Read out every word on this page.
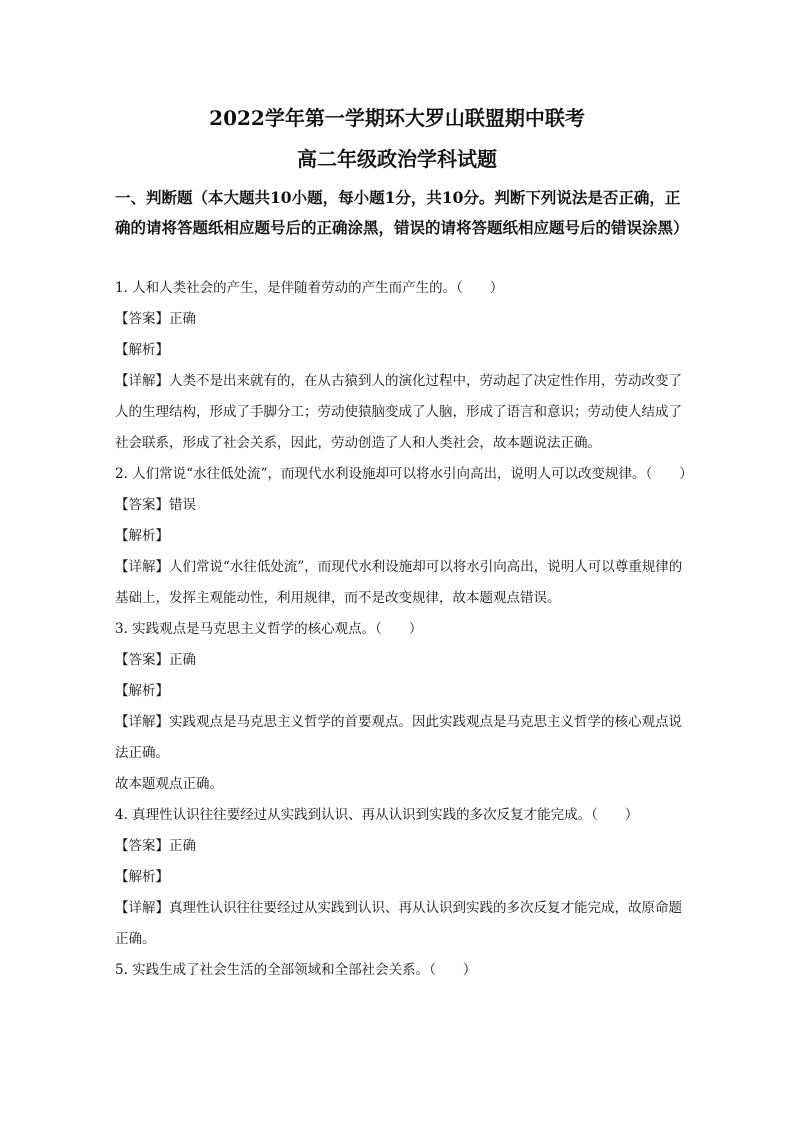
2022学年第一学期环大罗山联盟期中联考
高二年级政治学科试题
一、判断题（本大题共10小题，每小题1分，共10分。判断下列说法是否正确，正确的请将答题纸相应题号后的正确涂黑，错误的请将答题纸相应题号后的错误涂黑）
1. 人和人类社会的产生，是伴随着劳动的产生而产生的。（　　）
【答案】正确
【解析】
【详解】人类不是出来就有的，在从古猿到人的演化过程中，劳动起了决定性作用，劳动改变了人的生理结构，形成了手脚分工；劳动使猿脑变成了人脑，形成了语言和意识；劳动使人结成了社会联系，形成了社会关系，因此，劳动创造了人和人类社会，故本题说法正确。
2. 人们常说“水往低处流”，而现代水利设施却可以将水引向高出，说明人可以改变规律。（　　）
【答案】错误
【解析】
【详解】人们常说“水往低处流”，而现代水利设施却可以将水引向高出，说明人可以尊重规律的基础上，发挥主观能动性，利用规律，而不是改变规律，故本题观点错误。
3. 实践观点是马克思主义哲学的核心观点。（　　）
【答案】正确
【解析】
【详解】实践观点是马克思主义哲学的首要观点。因此实践观点是马克思主义哲学的核心观点说法正确。
故本题观点正确。
4. 真理性认识往往要经过从实践到认识、再从认识到实践的多次反复才能完成。（　　）
【答案】正确
【解析】
【详解】真理性认识往往要经过从实践到认识、再从认识到实践的多次反复才能完成，故原命题正确。
5. 实践生成了社会生活的全部领域和全部社会关系。（　　）
